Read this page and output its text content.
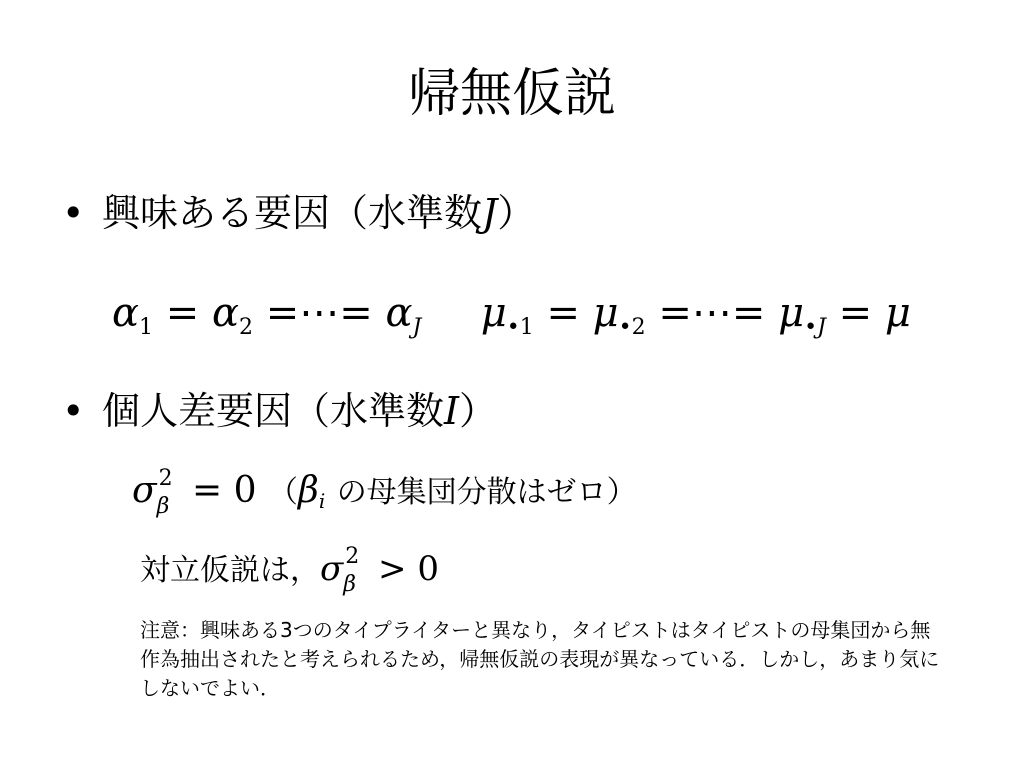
帰無仮説
• 興味ある要因（水準数J）
$\alpha_1 = \alpha_2$ =⋯= $\alpha_J$ $\mu_{•1} = \mu_{•2}$ =⋯= $\mu_{•J} = \mu$
• 個人差要因（水準数I）
σ 2
β = 0 （βi の母集団分散はゼロ）
対立仮説は，σ 2
β > 0
注意：興味ある3つのタイプライターと異なり，タイピストはタイピストの母集団から無作為抽出されたと考えられるため，帰無仮説の表現が異なっている．しかし，あまり気にしないでよい．
